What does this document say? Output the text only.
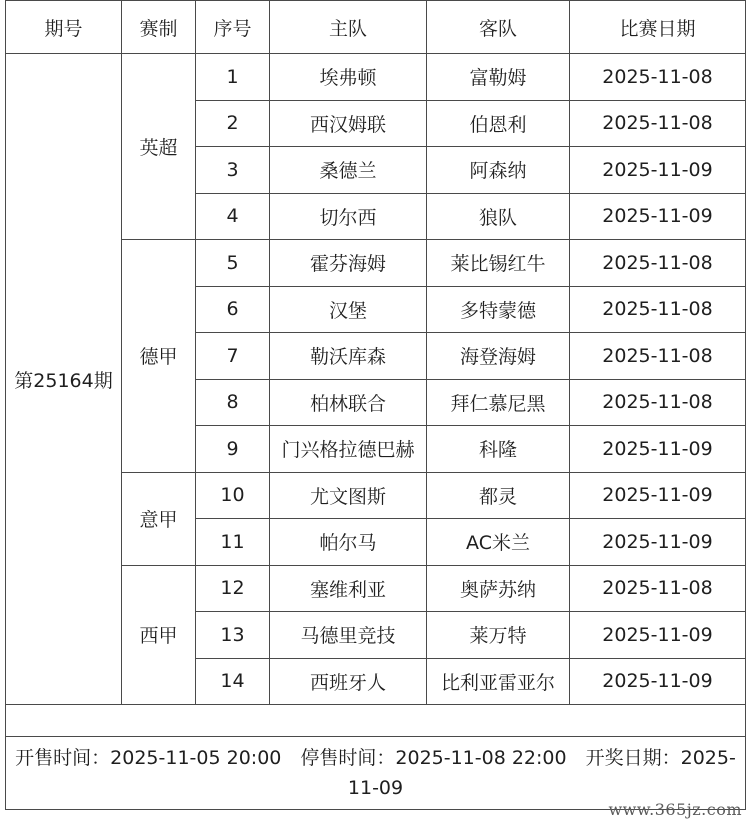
期号	赛制	序号	主队	客队	比赛日期
第25164期	英超	1	埃弗顿	富勒姆	2025-11-08
		2	西汉姆联	伯恩利	2025-11-08
		3	桑德兰	阿森纳	2025-11-09
		4	切尔西	狼队	2025-11-09
	德甲	5	霍芬海姆	莱比锡红牛	2025-11-08
		6	汉堡	多特蒙德	2025-11-08
		7	勒沃库森	海登海姆	2025-11-08
		8	柏林联合	拜仁慕尼黑	2025-11-08
		9	门兴格拉德巴赫	科隆	2025-11-09
	意甲	10	尤文图斯	都灵	2025-11-09
		11	帕尔马	AC米兰	2025-11-09
	西甲	12	塞维利亚	奥萨苏纳	2025-11-08
		13	马德里竞技	莱万特	2025-11-09
		14	西班牙人	比利亚雷亚尔	2025-11-09

开售时间：2025-11-05 20:00　停售时间：2025-11-08 22:00　开奖日期：2025-11-09					
www.365jz.com
